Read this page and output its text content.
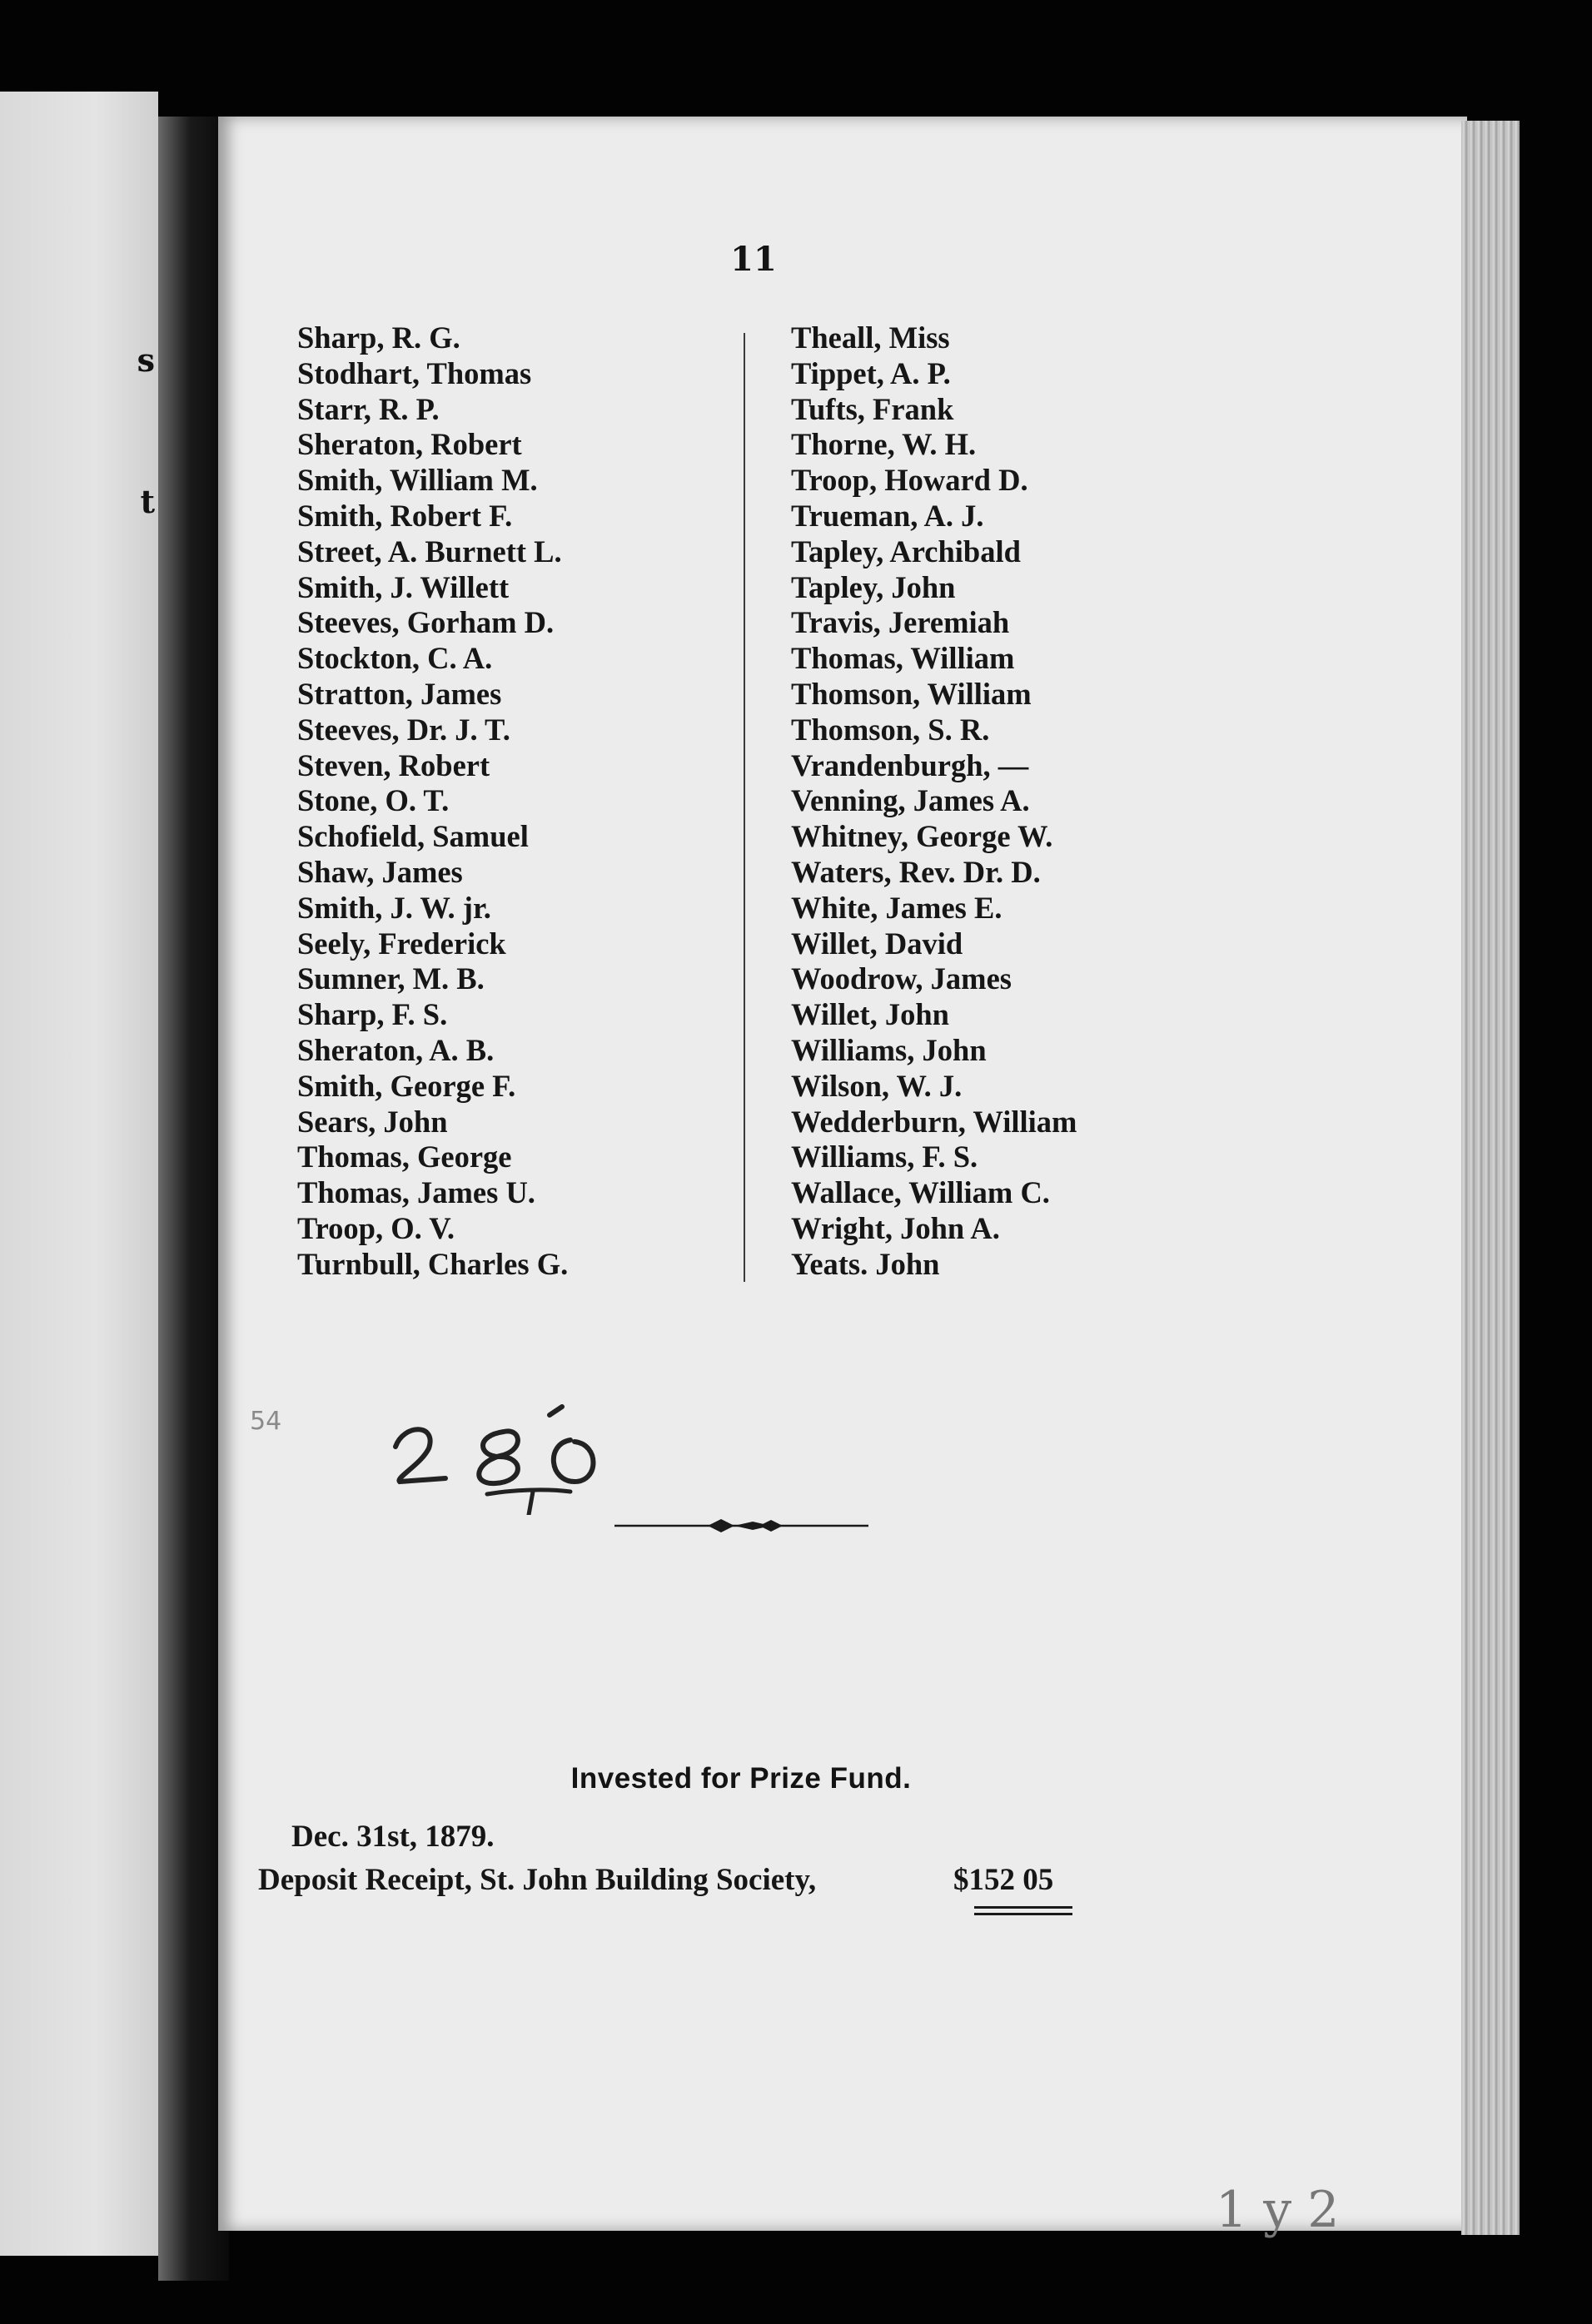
s
t
11
Sharp, R. G.
Stodhart, Thomas
Starr, R. P.
Sheraton, Robert
Smith, William M.
Smith, Robert F.
Street, A. Burnett L.
Smith, J. Willett
Steeves, Gorham D.
Stockton, C. A.
Stratton, James
Steeves, Dr. J. T.
Steven, Robert
Stone, O. T.
Schofield, Samuel
Shaw, James
Smith, J. W. jr.
Seely, Frederick
Sumner, M. B.
Sharp, F. S.
Sheraton, A. B.
Smith, George F.
Sears, John
Thomas, George
Thomas, James U.
Troop, O. V.
Turnbull, Charles G.
Theall, Miss
Tippet, A. P.
Tufts, Frank
Thorne, W. H.
Troop, Howard D.
Trueman, A. J.
Tapley, Archibald
Tapley, John
Travis, Jeremiah
Thomas, William
Thomson, William
Thomson, S. R.
Vrandenburgh, —
Venning, James A.
Whitney, George W.
Waters, Rev. Dr. D.
White, James E.
Willet, David
Woodrow, James
Willet, John
Williams, John
Wilson, W. J.
Wedderburn, William
Williams, F. S.
Wallace, William C.
Wright, John A.
Yeats. John
54
282
Invested for Prize Fund.
Dec. 31st, 1879.
Deposit Receipt, St. John Building Society,	$152 05
1 y 2
